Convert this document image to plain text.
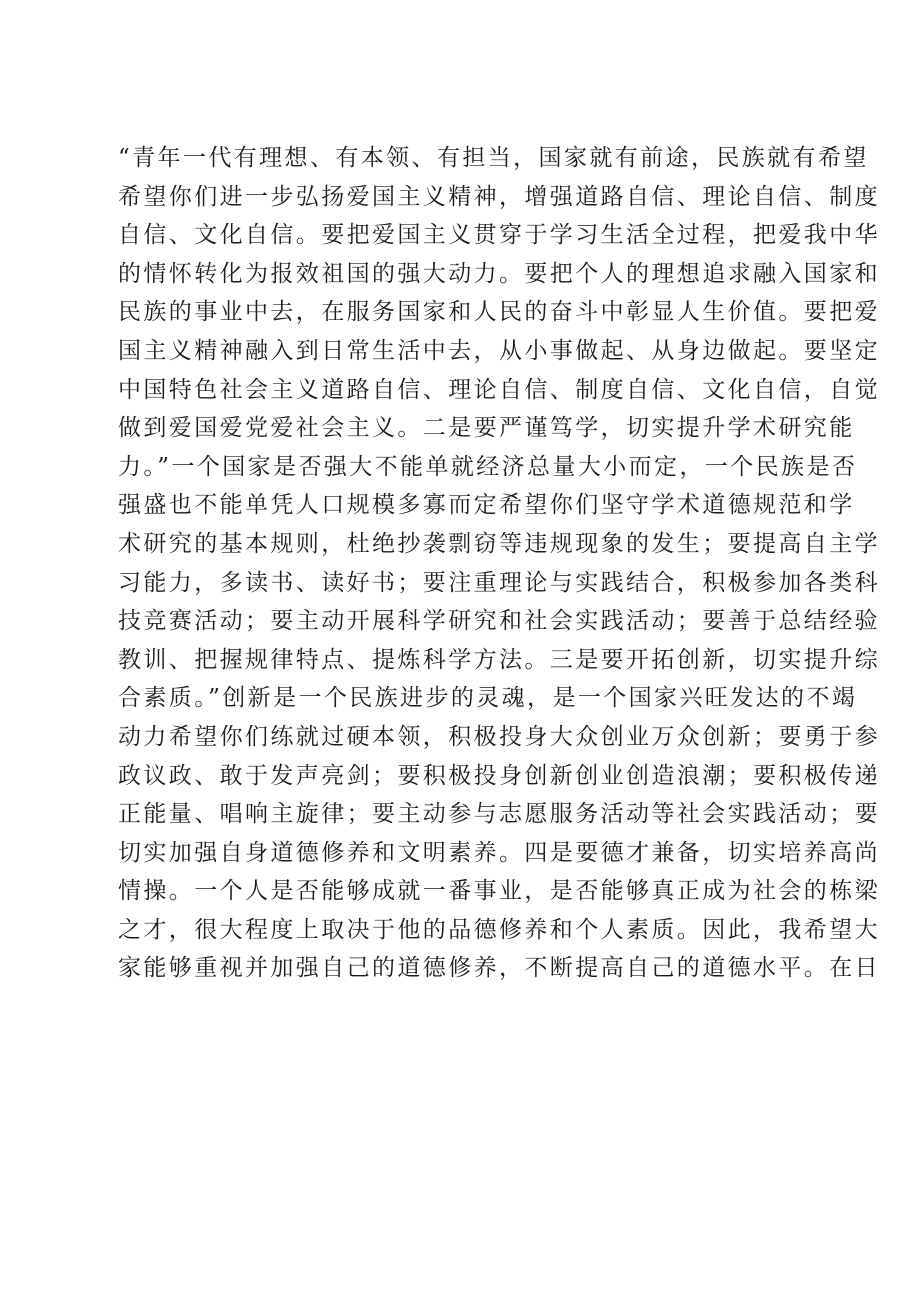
“青年一代有理想、有本领、有担当，国家就有前途，民族就有希望
希望你们进一步弘扬爱国主义精神，增强道路自信、理论自信、制度
自信、文化自信。要把爱国主义贯穿于学习生活全过程，把爱我中华
的情怀转化为报效祖国的强大动力。要把个人的理想追求融入国家和
民族的事业中去，在服务国家和人民的奋斗中彰显人生价值。要把爱
国主义精神融入到日常生活中去，从小事做起、从身边做起。要坚定
中国特色社会主义道路自信、理论自信、制度自信、文化自信，自觉
做到爱国爱党爱社会主义。二是要严谨笃学，切实提升学术研究能
力。”一个国家是否强大不能单就经济总量大小而定，一个民族是否
强盛也不能单凭人口规模多寡而定希望你们坚守学术道德规范和学
术研究的基本规则，杜绝抄袭剽窃等违规现象的发生；要提高自主学
习能力，多读书、读好书；要注重理论与实践结合，积极参加各类科
技竞赛活动；要主动开展科学研究和社会实践活动；要善于总结经验
教训、把握规律特点、提炼科学方法。三是要开拓创新，切实提升综
合素质。”创新是一个民族进步的灵魂，是一个国家兴旺发达的不竭
动力希望你们练就过硬本领，积极投身大众创业万众创新；要勇于参
政议政、敢于发声亮剑；要积极投身创新创业创造浪潮；要积极传递
正能量、唱响主旋律；要主动参与志愿服务活动等社会实践活动；要
切实加强自身道德修养和文明素养。四是要德才兼备，切实培养高尚
情操。一个人是否能够成就一番事业，是否能够真正成为社会的栋梁
之才，很大程度上取决于他的品德修养和个人素质。因此，我希望大
家能够重视并加强自己的道德修养，不断提高自己的道德水平。在日
